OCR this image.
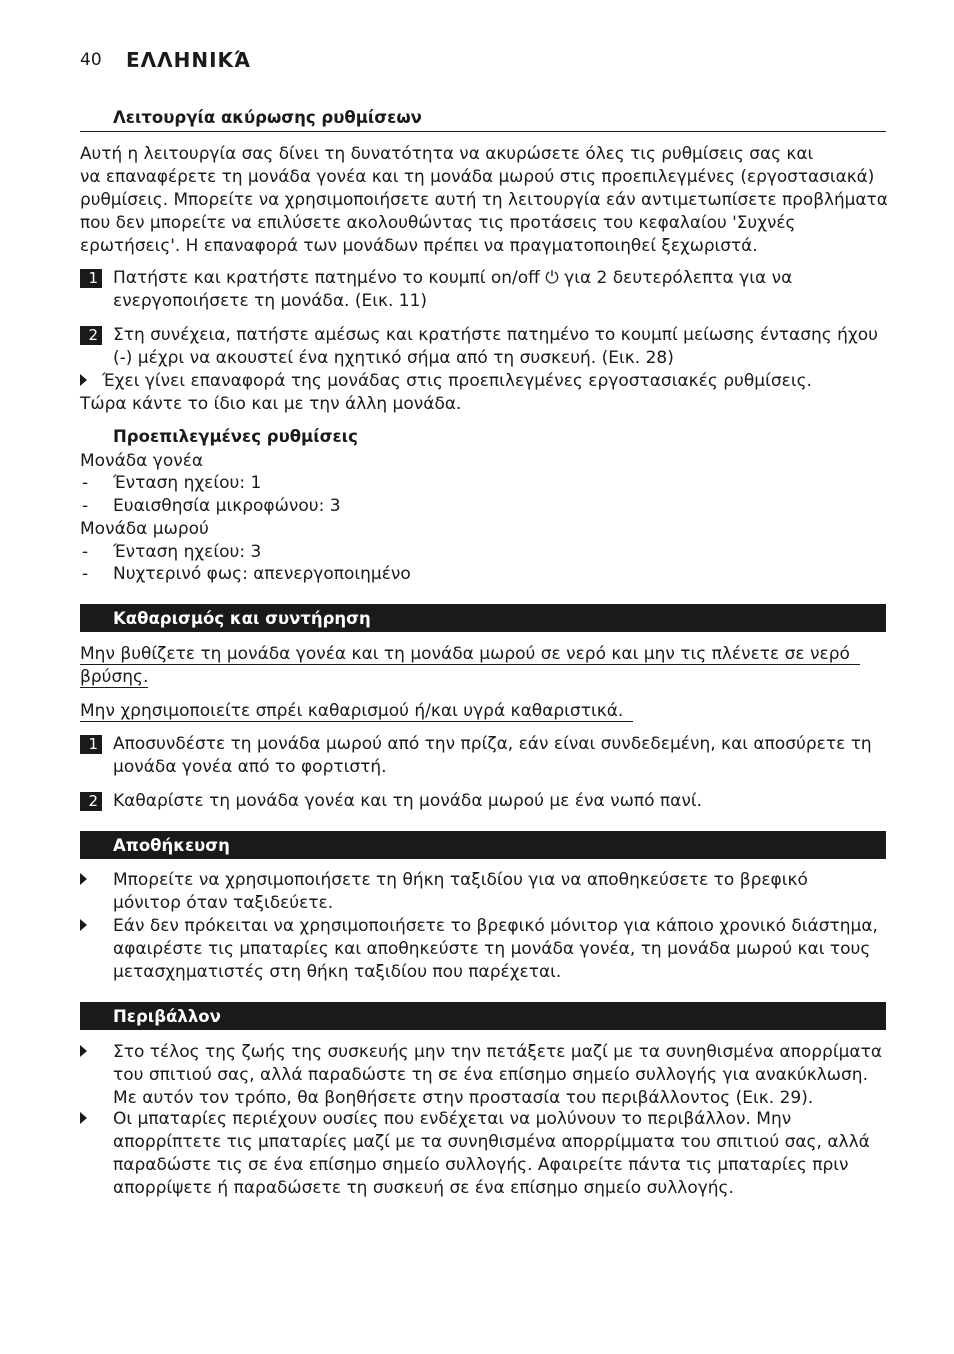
40 ΕΛΛΗΝΙΚΆ
Λειτουργία ακύρωσης ρυθμίσεων
Αυτή η λειτουργία σας δίνει τη δυνατότητα να ακυρώσετε όλες τις ρυθμίσεις σας και
να επαναφέρετε τη μονάδα γονέα και τη μονάδα μωρού στις προεπιλεγμένες (εργοστασιακά)
ρυθμίσεις. Μπορείτε να χρησιμοποιήσετε αυτή τη λειτουργία εάν αντιμετωπίσετε προβλήματα
που δεν μπορείτε να επιλύσετε ακολουθώντας τις προτάσεις του κεφαλαίου 'Συχνές
ερωτήσεις'. Η επαναφορά των μονάδων πρέπει να πραγματοποιηθεί ξεχωριστά.
1 Πατήστε και κρατήστε πατημένο το κουμπί on/off ⏻ για 2 δευτερόλεπτα για να
ενεργοποιήσετε τη μονάδα. (Εικ. 11)
2 Στη συνέχεια, πατήστε αμέσως και κρατήστε πατημένο το κουμπί μείωσης έντασης ήχου
(-) μέχρι να ακουστεί ένα ηχητικό σήμα από τη συσκευή. (Εικ. 28)
Έχει γίνει επαναφορά της μονάδας στις προεπιλεγμένες εργοστασιακές ρυθμίσεις.
Τώρα κάντε το ίδιο και με την άλλη μονάδα.
Προεπιλεγμένες ρυθμίσεις
Μονάδα γονέα
- Ένταση ηχείου: 1
- Ευαισθησία μικροφώνου: 3
Μονάδα μωρού
- Ένταση ηχείου: 3
- Νυχτερινό φως: απενεργοποιημένο
Καθαρισμός και συντήρηση
Μην βυθίζετε τη μονάδα γονέα και τη μονάδα μωρού σε νερό και μην τις πλένετε σε νερό
βρύσης.
Μην χρησιμοποιείτε σπρέι καθαρισμού ή/και υγρά καθαριστικά.
1 Αποσυνδέστε τη μονάδα μωρού από την πρίζα, εάν είναι συνδεδεμένη, και αποσύρετε τη
μονάδα γονέα από το φορτιστή.
2 Καθαρίστε τη μονάδα γονέα και τη μονάδα μωρού με ένα νωπό πανί.
Αποθήκευση
Μπορείτε να χρησιμοποιήσετε τη θήκη ταξιδίου για να αποθηκεύσετε το βρεφικό
μόνιτορ όταν ταξιδεύετε.
Εάν δεν πρόκειται να χρησιμοποιήσετε το βρεφικό μόνιτορ για κάποιο χρονικό διάστημα,
αφαιρέστε τις μπαταρίες και αποθηκεύστε τη μονάδα γονέα, τη μονάδα μωρού και τους
μετασχηματιστές στη θήκη ταξιδίου που παρέχεται.
Περιβάλλον
Στο τέλος της ζωής της συσκευής μην την πετάξετε μαζί με τα συνηθισμένα απορρίματα
του σπιτιού σας, αλλά παραδώστε τη σε ένα επίσημο σημείο συλλογής για ανακύκλωση.
Με αυτόν τον τρόπο, θα βοηθήσετε στην προστασία του περιβάλλοντος (Εικ. 29).
Οι μπαταρίες περιέχουν ουσίες που ενδέχεται να μολύνουν το περιβάλλον. Μην
απορρίπτετε τις μπαταρίες μαζί με τα συνηθισμένα απορρίμματα του σπιτιού σας, αλλά
παραδώστε τις σε ένα επίσημο σημείο συλλογής. Αφαιρείτε πάντα τις μπαταρίες πριν
απορρίψετε ή παραδώσετε τη συσκευή σε ένα επίσημο σημείο συλλογής.
